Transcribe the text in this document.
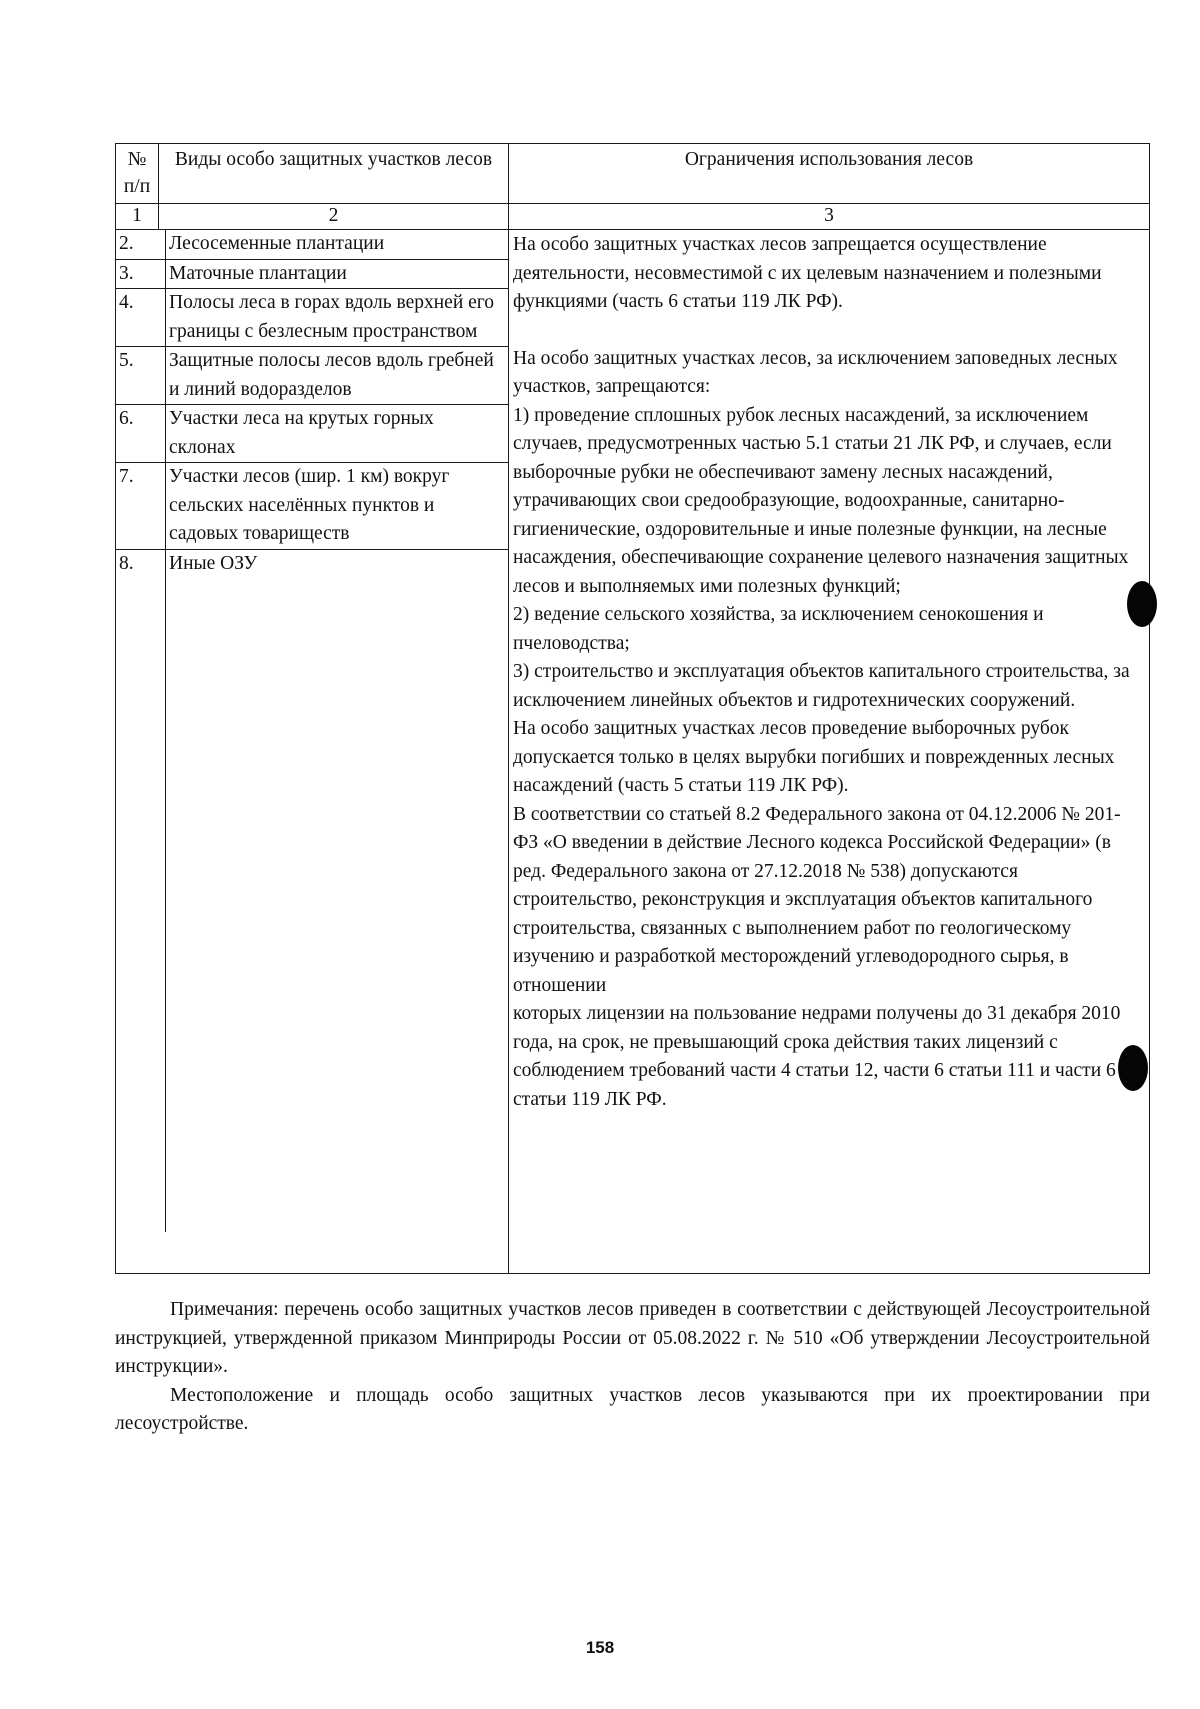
№ п/п	Виды особо защитных участков лесов	Ограничения использования лесов
1	2	3

2.	Лесосеменные плантации
3.	Маточные плантации
4.	Полосы леса в горах вдоль верхней его границы с безлесным пространством
5.	Защитные полосы лесов вдоль гребней и линий водоразделов
6.	Участки леса на крутых горных склонах
7.	Участки лесов (шир. 1 км) вокруг сельских населённых пунктов и садовых товариществ
8.	Иные ОЗУ

На особо защитных участках лесов запрещается осуществление деятельности, несовместимой с их целевым назначением и полезными функциями (часть 6 статьи 119 ЛК РФ).

На особо защитных участках лесов, за исключением заповедных лесных участков, запрещаются:

1) проведение сплошных рубок лесных насаждений, за исключением случаев, предусмотренных частью 5.1 статьи 21 ЛК РФ, и случаев, если выборочные рубки не обеспечивают замену лесных насаждений, утрачивающих свои средообразующие, водоохранные, санитарно-гигиенические, оздоровительные и иные полезные функции, на лесные насаждения, обеспечивающие сохранение целевого назначения защитных лесов и выполняемых ими полезных функций;

2) ведение сельского хозяйства, за исключением сенокошения и пчеловодства;

3) строительство и эксплуатация объектов капитального строительства, за исключением линейных объектов и гидротехнических сооружений.

На особо защитных участках лесов проведение выборочных рубок допускается только в целях вырубки погибших и поврежденных лесных насаждений (часть 5 статьи 119 ЛК РФ).

В соответствии со статьей 8.2 Федерального закона от 04.12.2006 № 201-ФЗ «О введении в действие Лесного кодекса Российской Федерации» (в ред. Федерального закона от 27.12.2018 № 538) допускаются строительство, реконструкция и эксплуатация объектов капитального строительства, связанных с выполнением работ по геологическому изучению и разработкой месторождений углеводородного сырья, в отношении

которых лицензии на пользование недрами получены до 31 декабря 2010 года, на срок, не превышающий срока действия таких лицензий с соблюдением требований части 4 статьи 12, части 6 статьи 111 и части 6 статьи 119 ЛК РФ.

Примечания: перечень особо защитных участков лесов приведен в соответствии с действующей Лесоустроительной инструкцией, утвержденной приказом Минприроды России от 05.08.2022 г. № 510 «Об утверждении Лесоустроительной инструкции».

Местоположение и площадь особо защитных участков лесов указываются при их проектировании при лесоустройстве.

158
